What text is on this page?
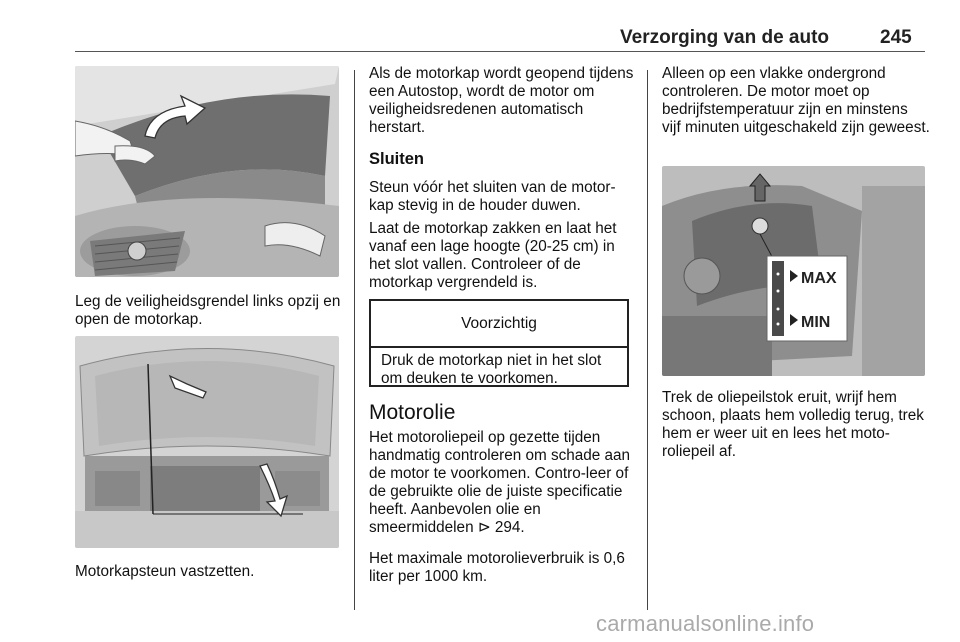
Verzorging van de auto	245
Leg de veiligheidsgrendel links opzij en open de motorkap.
Motorkapsteun vastzetten.
Als de motorkap wordt geopend tijdens een Autostop, wordt de motor om veiligheidsredenen automatisch herstart.
Sluiten
Steun vóór het sluiten van de motor-kap stevig in de houder duwen.
Laat de motorkap zakken en laat het vanaf een lage hoogte (20-25 cm) in het slot vallen. Controleer of de motorkap vergrendeld is.
Voorzichtig
Druk de motorkap niet in het slot om deuken te voorkomen.
Motorolie
Het motoroliepeil op gezette tijden handmatig controleren om schade aan de motor te voorkomen. Contro-leer of de gebruikte olie de juiste specificatie heeft. Aanbevolen olie en smeermiddelen ⊳ 294.
Het maximale motorolieverbruik is 0,6 liter per 1000 km.
Alleen op een vlakke ondergrond controleren. De motor moet op bedrijfstemperatuur zijn en minstens vijf minuten uitgeschakeld zijn geweest.
MAX
MIN
Trek de oliepeilstok eruit, wrijf hem schoon, plaats hem volledig terug, trek hem er weer uit en lees het moto-roliepeil af.
carmanualsonline.info
